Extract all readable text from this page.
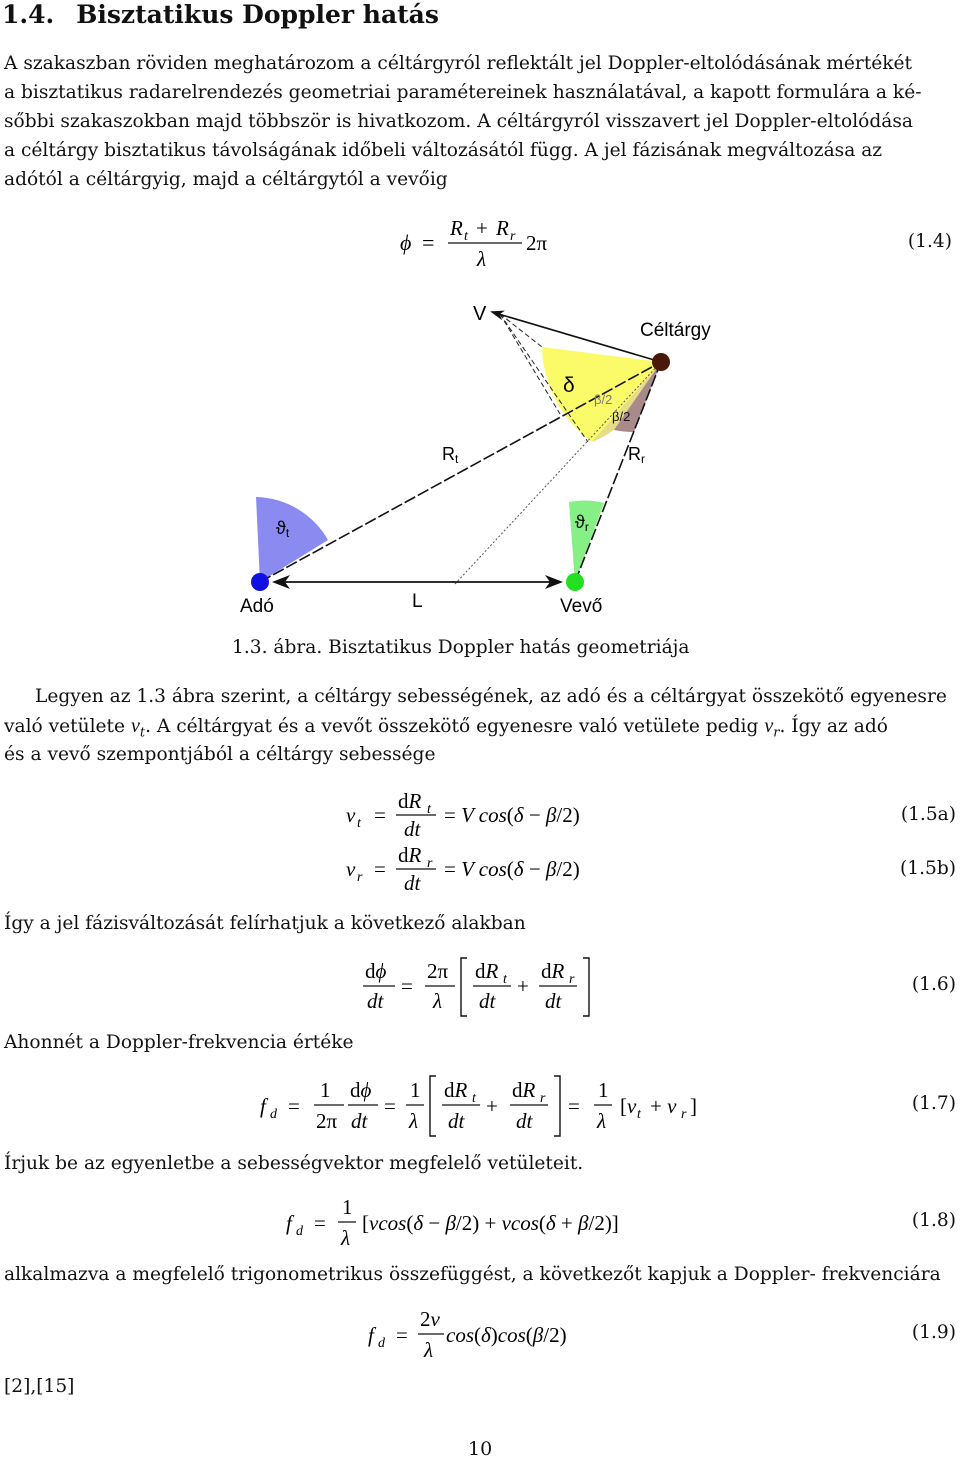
1.4. Bisztatikus Doppler hatás
A szakaszban röviden meghatározom a céltárgyról reflektált jel Doppler-eltolódásának mértékét
a bisztatikus radarelrendezés geometriai paramétereinek használatával, a kapott formulára a ké-
sőbbi szakaszokban majd többször is hivatkozom. A céltárgyról visszavert jel Doppler-eltolódása
a céltárgy bisztatikus távolságának időbeli változásától függ. A jel fázisának megváltozása az
adótól a céltárgyig, majd a céltárgytól a vevőig
ϕ =
R t + R r
λ
2π	(1.4)
V
Céltárgy
δ
β/2
β/2
Rt	Rr
ϑt
ϑr
Adó	L	Vevő
1.3. ábra. Bisztatikus Doppler hatás geometriája
Legyen az 1.3 ábra szerint, a céltárgy sebességének, az adó és a céltárgyat összekötő egyenesre
való vetülete $v_t$. A céltárgyat és a vevőt összekötő egyenesre való vetülete pedig $v_r$. Így az adó
és a vevő szempontjából a céltárgy sebessége
v t =
dR t
dt
= V cos(δ − β/2)	(1.5a)
v r =
dR r
dt
= V cos(δ − β/2)	(1.5b)
Így a jel fázisváltozását felírhatjuk a következő alakban
dϕ
dt
=
2π
λ
dR t
dt
+
dR r
dt
(1.6)
Ahonnét a Doppler-frekvencia értéke
f d =
1
2π
dϕ
dt
=
1
λ
dR t
dt
+
dR r
dt
=
1
λ
[v t + v r ]	(1.7)
Írjuk be az egyenletbe a sebességvektor megfelelő vetületeit.
f d =
1
λ
[vcos(δ − β/2) + vcos(δ + β/2)]	(1.8)
alkalmazva a megfelelő trigonometrikus összefüggést, a következőt kapjuk a Doppler- frekvenciára
f d =
2v
λ
cos(δ)cos(β/2)	(1.9)
[2],[15]
10
